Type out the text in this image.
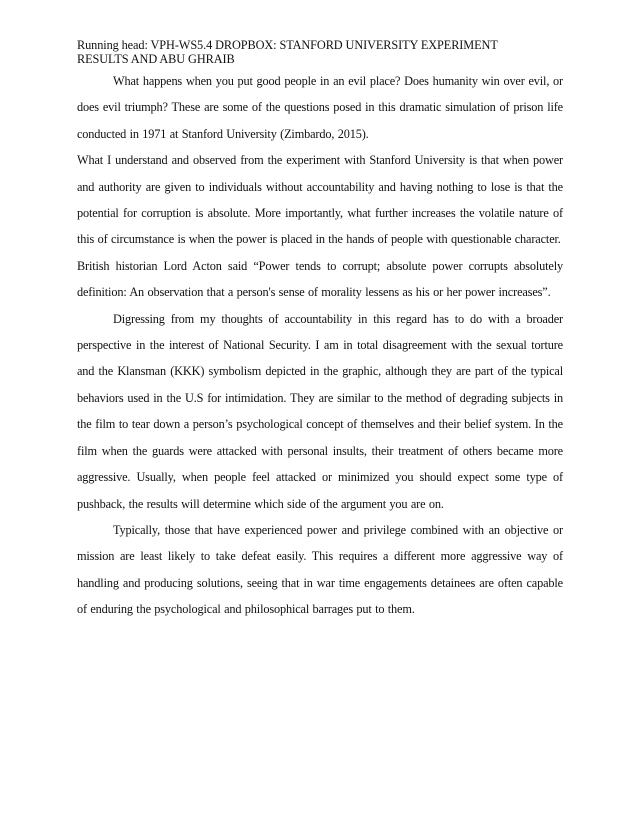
Running head: VPH-WS5.4 DROPBOX: STANFORD UNIVERSITY EXPERIMENT RESULTS AND ABU GHRAIB

What happens when you put good people in an evil place? Does humanity win over evil, or does evil triumph? These are some of the questions posed in this dramatic simulation of prison life conducted in 1971 at Stanford University (Zimbardo, 2015).

What I understand and observed from the experiment with Stanford University is that when power and authority are given to individuals without accountability and having nothing to lose is that the potential for corruption is absolute. More importantly, what further increases the volatile nature of this of circumstance is when the power is placed in the hands of people with questionable character.

British historian Lord Acton said “Power tends to corrupt; absolute power corrupts absolutely definition: An observation that a person's sense of morality lessens as his or her power increases”.

Digressing from my thoughts of accountability in this regard has to do with a broader perspective in the interest of National Security. I am in total disagreement with the sexual torture and the Klansman (KKK) symbolism depicted in the graphic, although they are part of the typical behaviors used in the U.S for intimidation. They are similar to the method of degrading subjects in the film to tear down a person’s psychological concept of themselves and their belief system. In the film when the guards were attacked with personal insults, their treatment of others became more aggressive. Usually, when people feel attacked or minimized you should expect some type of pushback, the results will determine which side of the argument you are on.

Typically, those that have experienced power and privilege combined with an objective or mission are least likely to take defeat easily. This requires a different more aggressive way of handling and producing solutions, seeing that in war time engagements detainees are often capable of enduring the psychological and philosophical barrages put to them.
